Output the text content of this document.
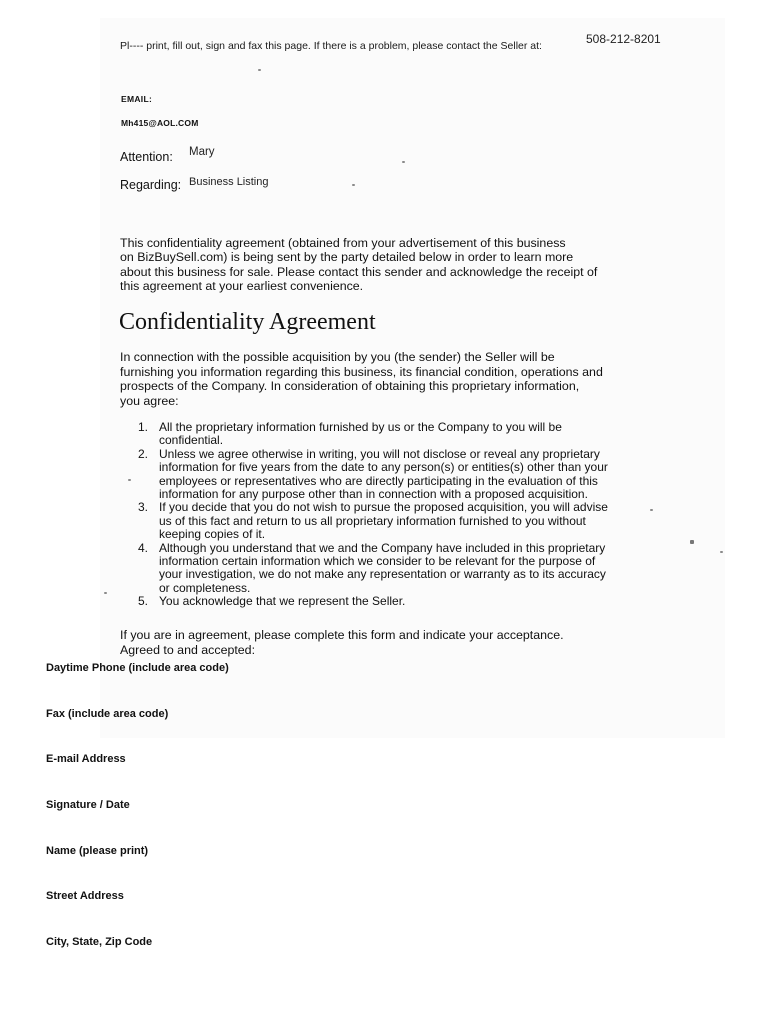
508-212-8201
Pl---- print, fill out, sign and fax this page. If there is a problem, please contact the Seller at:
EMAIL:
Mh415@AOL.COM
Attention: Mary
Regarding: Business Listing
This confidentiality agreement (obtained from your advertisement of this business
on BizBuySell.com) is being sent by the party detailed below in order to learn more
about this business for sale. Please contact this sender and acknowledge the receipt of
this agreement at your earliest convenience.
Confidentiality Agreement
In connection with the possible acquisition by you (the sender) the Seller will be
furnishing you information regarding this business, its financial condition, operations and
prospects of the Company. In consideration of obtaining this proprietary information,
you agree:
1. All the proprietary information furnished by us or the Company to you will be
confidential.
2. Unless we agree otherwise in writing, you will not disclose or reveal any proprietary
information for five years from the date to any person(s) or entities(s) other than your
employees or representatives who are directly participating in the evaluation of this
information for any purpose other than in connection with a proposed acquisition.
3. If you decide that you do not wish to pursue the proposed acquisition, you will advise
us of this fact and return to us all proprietary information furnished to you without
keeping copies of it.
4. Although you understand that we and the Company have included in this proprietary
information certain information which we consider to be relevant for the purpose of
your investigation, we do not make any representation or warranty as to its accuracy
or completeness.
5. You acknowledge that we represent the Seller.
If you are in agreement, please complete this form and indicate your acceptance.
Agreed to and accepted:
Daytime Phone (include area code)
Fax (include area code)
E-mail Address
Signature / Date
Name (please print)
Street Address
City, State, Zip Code
